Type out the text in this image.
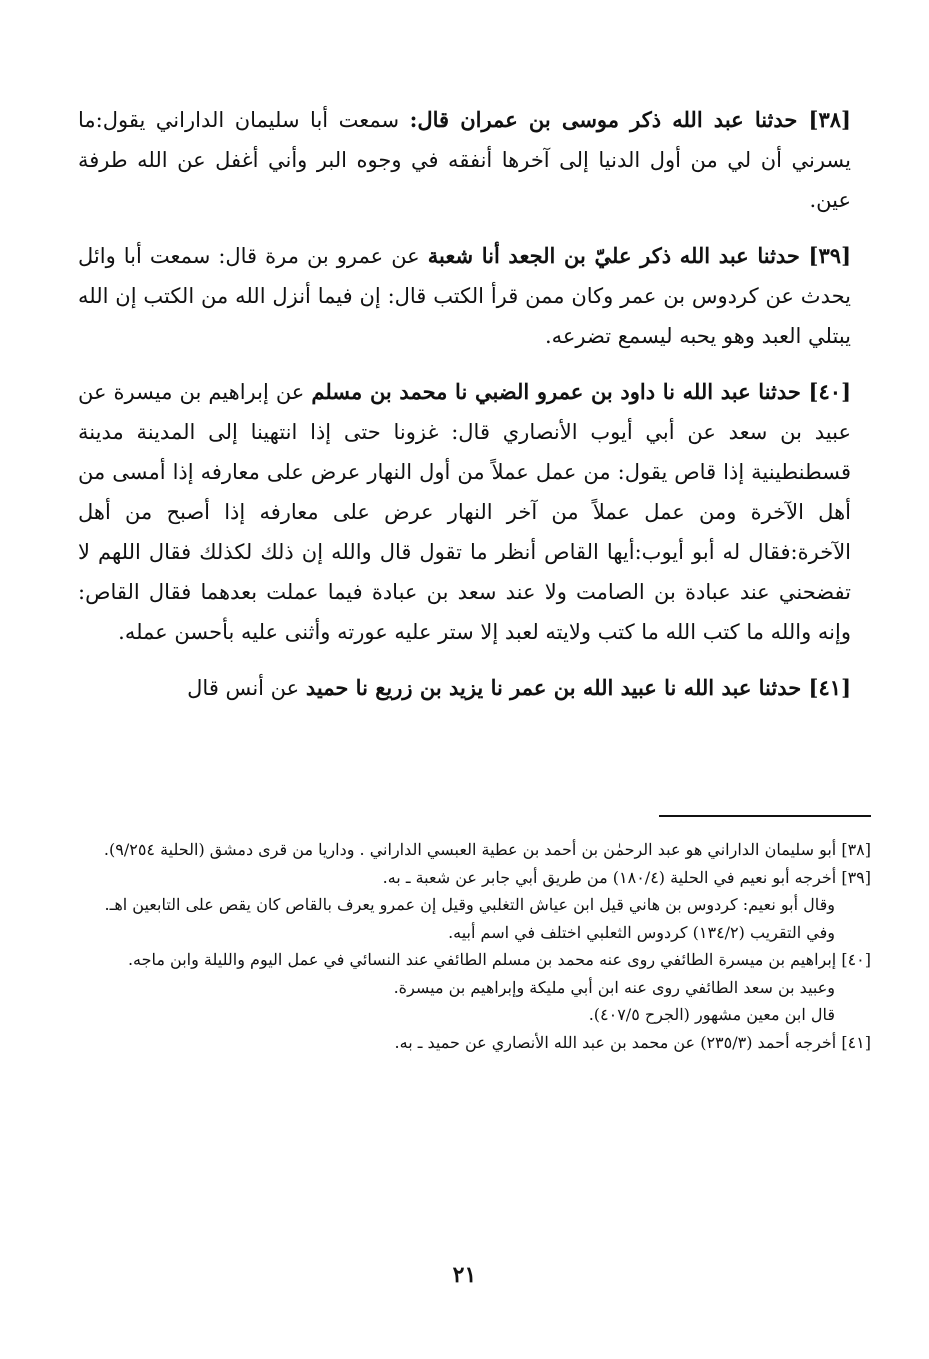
[٣٨] حدثنا عبد الله ذكر موسى بن عمران قال: سمعت أبا سليمان الداراني يقول:ما يسرني أن لي من أول الدنيا إلى آخرها أنفقه في وجوه البر وأني أغفل عن الله طرفة عين.

[٣٩] حدثنا عبد الله ذكر عليّ بن الجعد أنا شعبة عن عمرو بن مرة قال: سمعت أبا وائل يحدث عن كردوس بن عمر وكان ممن قرأ الكتب قال: إن فيما أنزل الله من الكتب إن الله يبتلي العبد وهو يحبه ليسمع تضرعه.

[٤٠] حدثنا عبد الله نا داود بن عمرو الضبي نا محمد بن مسلم عن إبراهيم بن ميسرة عن عبيد بن سعد عن أبي أيوب الأنصاري قال: غزونا حتى إذا انتهينا إلى المدينة مدينة قسطنطينية إذا قاص يقول: من عمل عملاً من أول النهار عرض على معارفه إذا أمسى من أهل الآخرة ومن عمل عملاً من آخر النهار عرض على معارفه إذا أصبح من أهل الآخرة:فقال له أبو أيوب:أيها القاص أنظر ما تقول قال والله إن ذلك لكذلك فقال اللهم لا تفضحني عند عبادة بن الصامت ولا عند سعد بن عبادة فيما عملت بعدهما فقال القاص: وإنه والله ما كتب الله ما كتب ولايته لعبد إلا ستر عليه عورته وأثنى عليه بأحسن عمله.

[٤١] حدثنا عبد الله نا عبيد الله بن عمر نا يزيد بن زريع نا حميد عن أنس قال

[٣٨] أبو سليمان الداراني هو عبد الرحمٰن بن أحمد بن عطية العبسي الداراني . وداريا من قرى دمشق (الحلية ٩/٢٥٤).
[٣٩] أخرجه أبو نعيم في الحلية (١٨٠/٤) من طريق أبي جابر عن شعبة ـ به.
وقال أبو نعيم: كردوس بن هاني قيل ابن عياش التغلبي وقيل إن عمرو يعرف بالقاص كان يقص على التابعين اهـ.
وفي التقريب (١٣٤/٢) كردوس الثعلبي اختلف في اسم أبيه.
[٤٠] إبراهيم بن ميسرة الطائفي روى عنه محمد بن مسلم الطائفي عند النسائي في عمل اليوم والليلة وابن ماجه.
وعبيد بن سعد الطائفي روى عنه ابن أبي مليكة وإبراهيم بن ميسرة.
قال ابن معين مشهور (الجرح ٤٠٧/٥).
[٤١] أخرجه أحمد (٢٣٥/٣) عن محمد بن عبد الله الأنصاري عن حميد ـ به.
٢١
